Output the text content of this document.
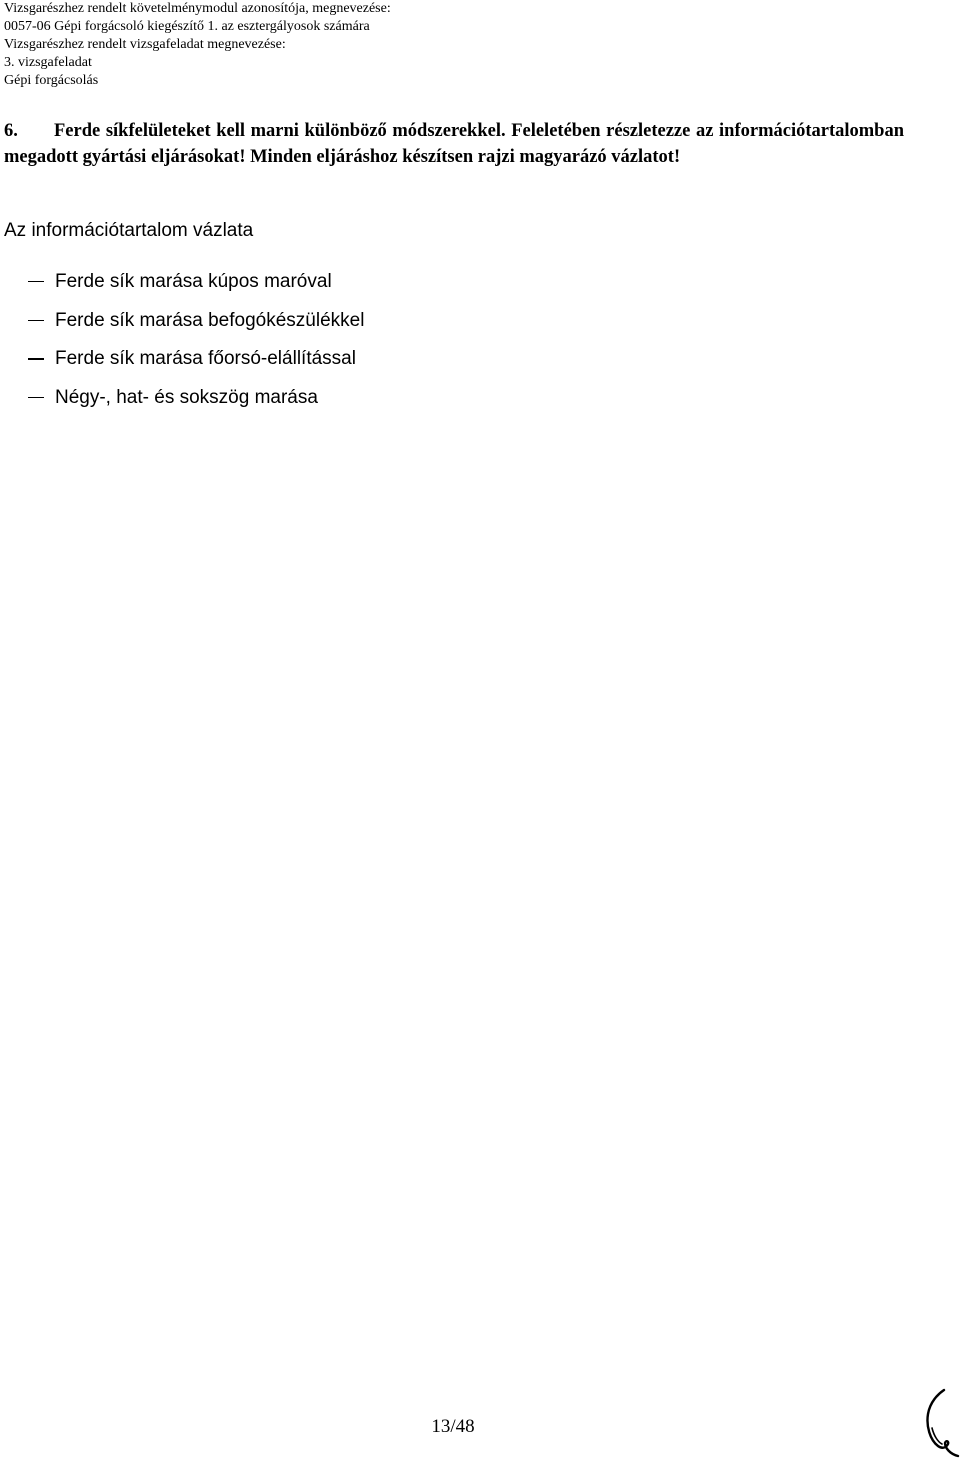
Vizsgarészhez rendelt követelménymodul azonosítója, megnevezése:
0057-06 Gépi forgácsoló kiegészítő 1. az esztergályosok számára
Vizsgarészhez rendelt vizsgafeladat megnevezése:
3. vizsgafeladat
Gépi forgácsolás
6. Ferde síkfelületeket kell marni különböző módszerekkel. Feleletében részletezze az információtartalomban megadott gyártási eljárásokat! Minden eljáráshoz készítsen rajzi magyarázó vázlatot!
Az információtartalom vázlata
Ferde sík marása kúpos maróval
Ferde sík marása befogókészülékkel
Ferde sík marása főorsó-elállítással
Négy-, hat- és sokszög marása
13/48
